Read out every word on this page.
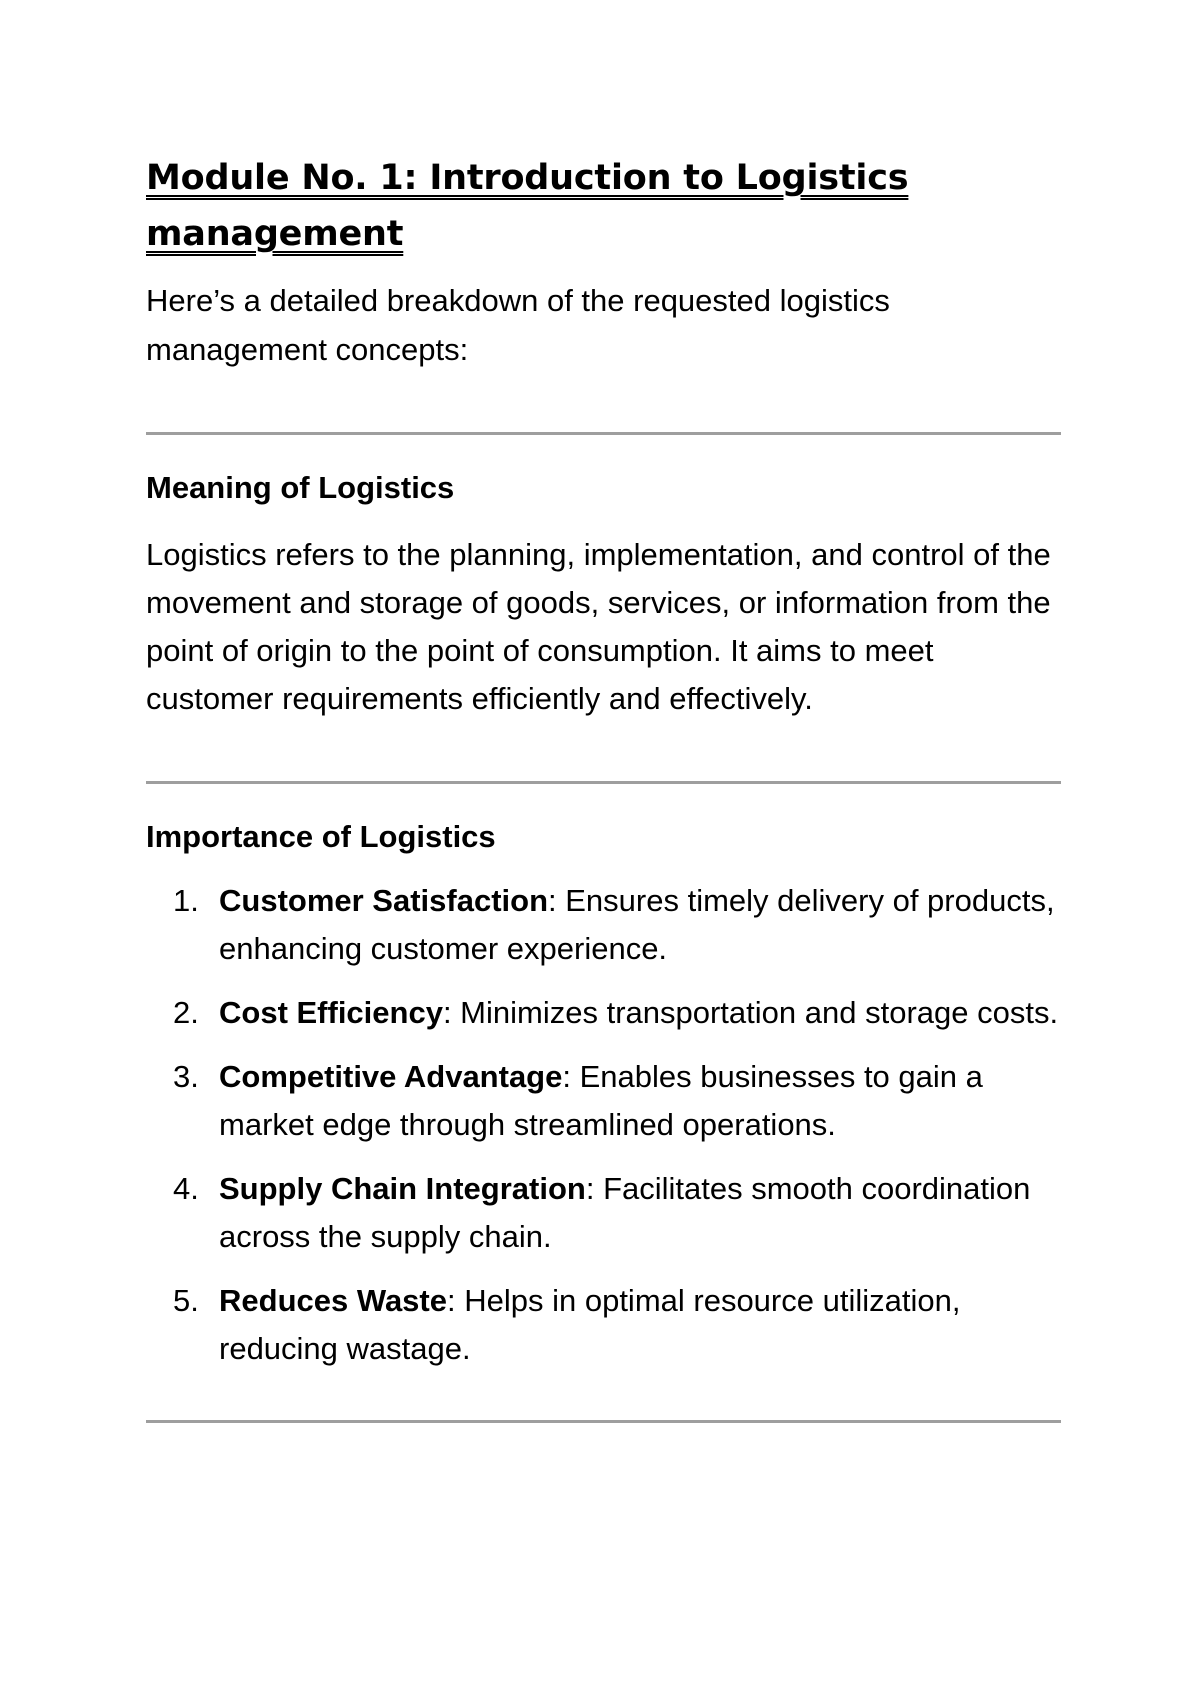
Module No. 1: Introduction to Logistics management

Here’s a detailed breakdown of the requested logistics management concepts:

Meaning of Logistics

Logistics refers to the planning, implementation, and control of the movement and storage of goods, services, or information from the point of origin to the point of consumption. It aims to meet customer requirements efficiently and effectively.

Importance of Logistics
1. Customer Satisfaction: Ensures timely delivery of products, enhancing customer experience.
2. Cost Efficiency: Minimizes transportation and storage costs.
3. Competitive Advantage: Enables businesses to gain a market edge through streamlined operations.
4. Supply Chain Integration: Facilitates smooth coordination across the supply chain.
5. Reduces Waste: Helps in optimal resource utilization, reducing wastage.
